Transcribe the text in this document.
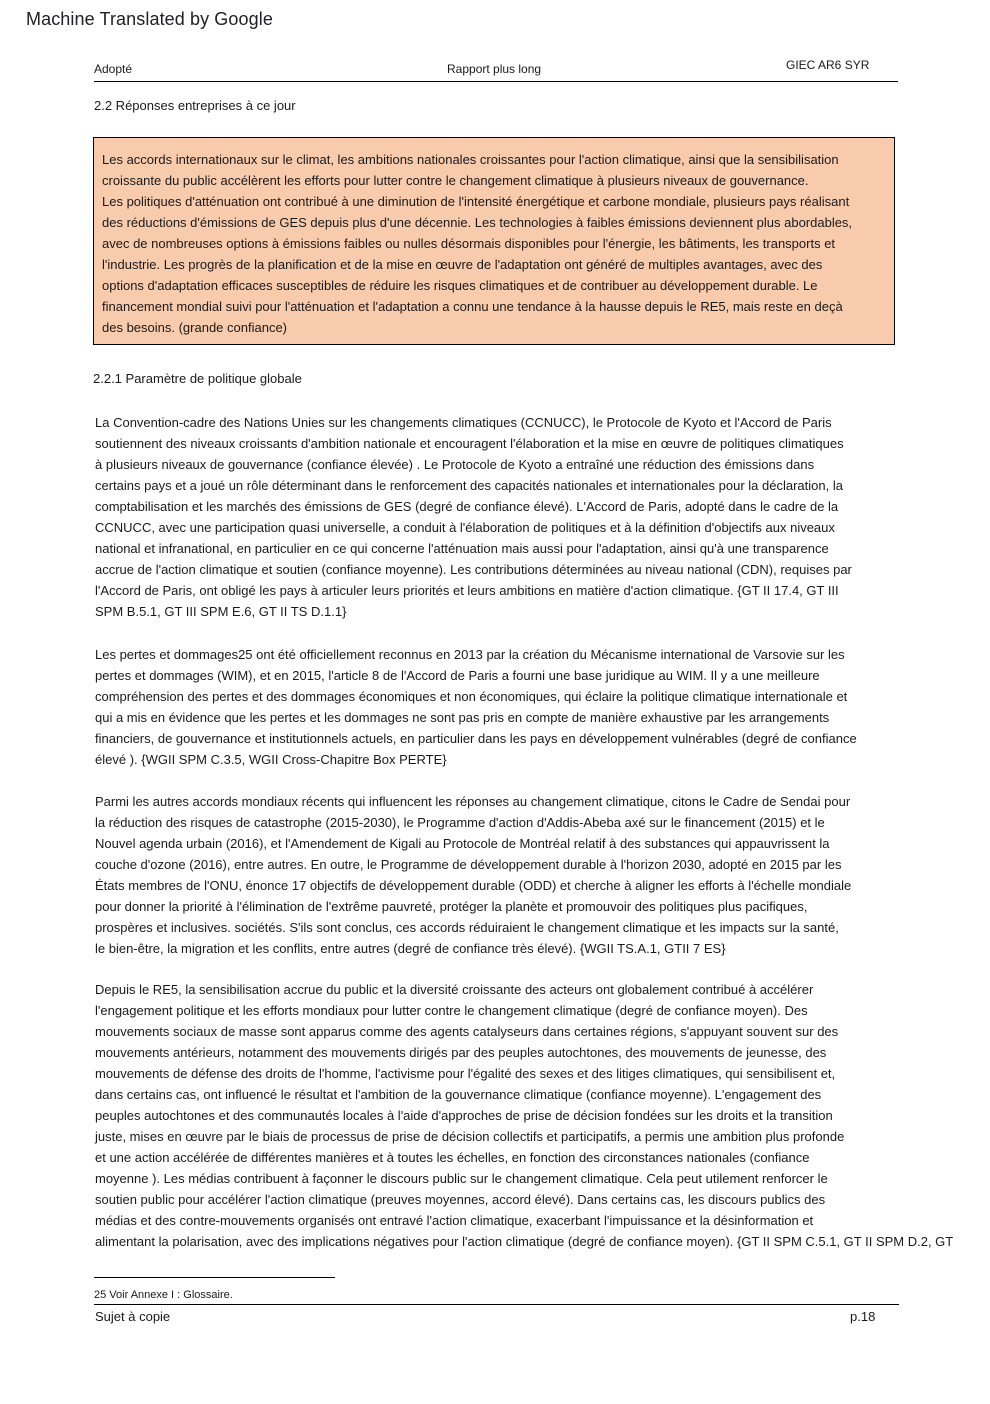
Machine Translated by Google
Adopté	Rapport plus long	GIEC AR6 SYR
2.2 Réponses entreprises à ce jour

Les accords internationaux sur le climat, les ambitions nationales croissantes pour l'action climatique, ainsi que la sensibilisation
croissante du public accélèrent les efforts pour lutter contre le changement climatique à plusieurs niveaux de gouvernance.
Les politiques d'atténuation ont contribué à une diminution de l'intensité énergétique et carbone mondiale, plusieurs pays réalisant
des réductions d'émissions de GES depuis plus d'une décennie. Les technologies à faibles émissions deviennent plus abordables,
avec de nombreuses options à émissions faibles ou nulles désormais disponibles pour l'énergie, les bâtiments, les transports et
l'industrie. Les progrès de la planification et de la mise en œuvre de l'adaptation ont généré de multiples avantages, avec des
options d'adaptation efficaces susceptibles de réduire les risques climatiques et de contribuer au développement durable. Le
financement mondial suivi pour l'atténuation et l'adaptation a connu une tendance à la hausse depuis le RE5, mais reste en deçà
des besoins. (grande confiance)

2.2.1 Paramètre de politique globale

La Convention-cadre des Nations Unies sur les changements climatiques (CCNUCC), le Protocole de Kyoto et l'Accord de Paris
soutiennent des niveaux croissants d'ambition nationale et encouragent l'élaboration et la mise en œuvre de politiques climatiques
à plusieurs niveaux de gouvernance (confiance élevée) . Le Protocole de Kyoto a entraîné une réduction des émissions dans
certains pays et a joué un rôle déterminant dans le renforcement des capacités nationales et internationales pour la déclaration, la
comptabilisation et les marchés des émissions de GES (degré de confiance élevé). L'Accord de Paris, adopté dans le cadre de la
CCNUCC, avec une participation quasi universelle, a conduit à l'élaboration de politiques et à la définition d'objectifs aux niveaux
national et infranational, en particulier en ce qui concerne l'atténuation mais aussi pour l'adaptation, ainsi qu'à une transparence
accrue de l'action climatique et soutien (confiance moyenne). Les contributions déterminées au niveau national (CDN), requises par
l'Accord de Paris, ont obligé les pays à articuler leurs priorités et leurs ambitions en matière d'action climatique. {GT II 17.4, GT III
SPM B.5.1, GT III SPM E.6, GT II TS D.1.1}

Les pertes et dommages25 ont été officiellement reconnus en 2013 par la création du Mécanisme international de Varsovie sur les
pertes et dommages (WIM), et en 2015, l'article 8 de l'Accord de Paris a fourni une base juridique au WIM. Il y a une meilleure
compréhension des pertes et des dommages économiques et non économiques, qui éclaire la politique climatique internationale et
qui a mis en évidence que les pertes et les dommages ne sont pas pris en compte de manière exhaustive par les arrangements
financiers, de gouvernance et institutionnels actuels, en particulier dans les pays en développement vulnérables (degré de confiance
élevé ). {WGII SPM C.3.5, WGII Cross-Chapitre Box PERTE}

Parmi les autres accords mondiaux récents qui influencent les réponses au changement climatique, citons le Cadre de Sendai pour
la réduction des risques de catastrophe (2015-2030), le Programme d'action d'Addis-Abeba axé sur le financement (2015) et le
Nouvel agenda urbain (2016), et l'Amendement de Kigali au Protocole de Montréal relatif à des substances qui appauvrissent la
couche d'ozone (2016), entre autres. En outre, le Programme de développement durable à l'horizon 2030, adopté en 2015 par les
États membres de l'ONU, énonce 17 objectifs de développement durable (ODD) et cherche à aligner les efforts à l'échelle mondiale
pour donner la priorité à l'élimination de l'extrême pauvreté, protéger la planète et promouvoir des politiques plus pacifiques,
prospères et inclusives. sociétés. S'ils sont conclus, ces accords réduiraient le changement climatique et les impacts sur la santé,
le bien-être, la migration et les conflits, entre autres (degré de confiance très élevé). {WGII TS.A.1, GTII 7 ES}

Depuis le RE5, la sensibilisation accrue du public et la diversité croissante des acteurs ont globalement contribué à accélérer
l'engagement politique et les efforts mondiaux pour lutter contre le changement climatique (degré de confiance moyen). Des
mouvements sociaux de masse sont apparus comme des agents catalyseurs dans certaines régions, s'appuyant souvent sur des
mouvements antérieurs, notamment des mouvements dirigés par des peuples autochtones, des mouvements de jeunesse, des
mouvements de défense des droits de l'homme, l'activisme pour l'égalité des sexes et des litiges climatiques, qui sensibilisent et,
dans certains cas, ont influencé le résultat et l'ambition de la gouvernance climatique (confiance moyenne). L'engagement des
peuples autochtones et des communautés locales à l'aide d'approches de prise de décision fondées sur les droits et la transition
juste, mises en œuvre par le biais de processus de prise de décision collectifs et participatifs, a permis une ambition plus profonde
et une action accélérée de différentes manières et à toutes les échelles, en fonction des circonstances nationales (confiance
moyenne ). Les médias contribuent à façonner le discours public sur le changement climatique. Cela peut utilement renforcer le
soutien public pour accélérer l'action climatique (preuves moyennes, accord élevé). Dans certains cas, les discours publics des
médias et des contre-mouvements organisés ont entravé l'action climatique, exacerbant l'impuissance et la désinformation et
alimentant la polarisation, avec des implications négatives pour l'action climatique (degré de confiance moyen). {GT II SPM C.5.1, GT II SPM D.2, GT

25 Voir Annexe I : Glossaire.
Sujet à copie	p.18
